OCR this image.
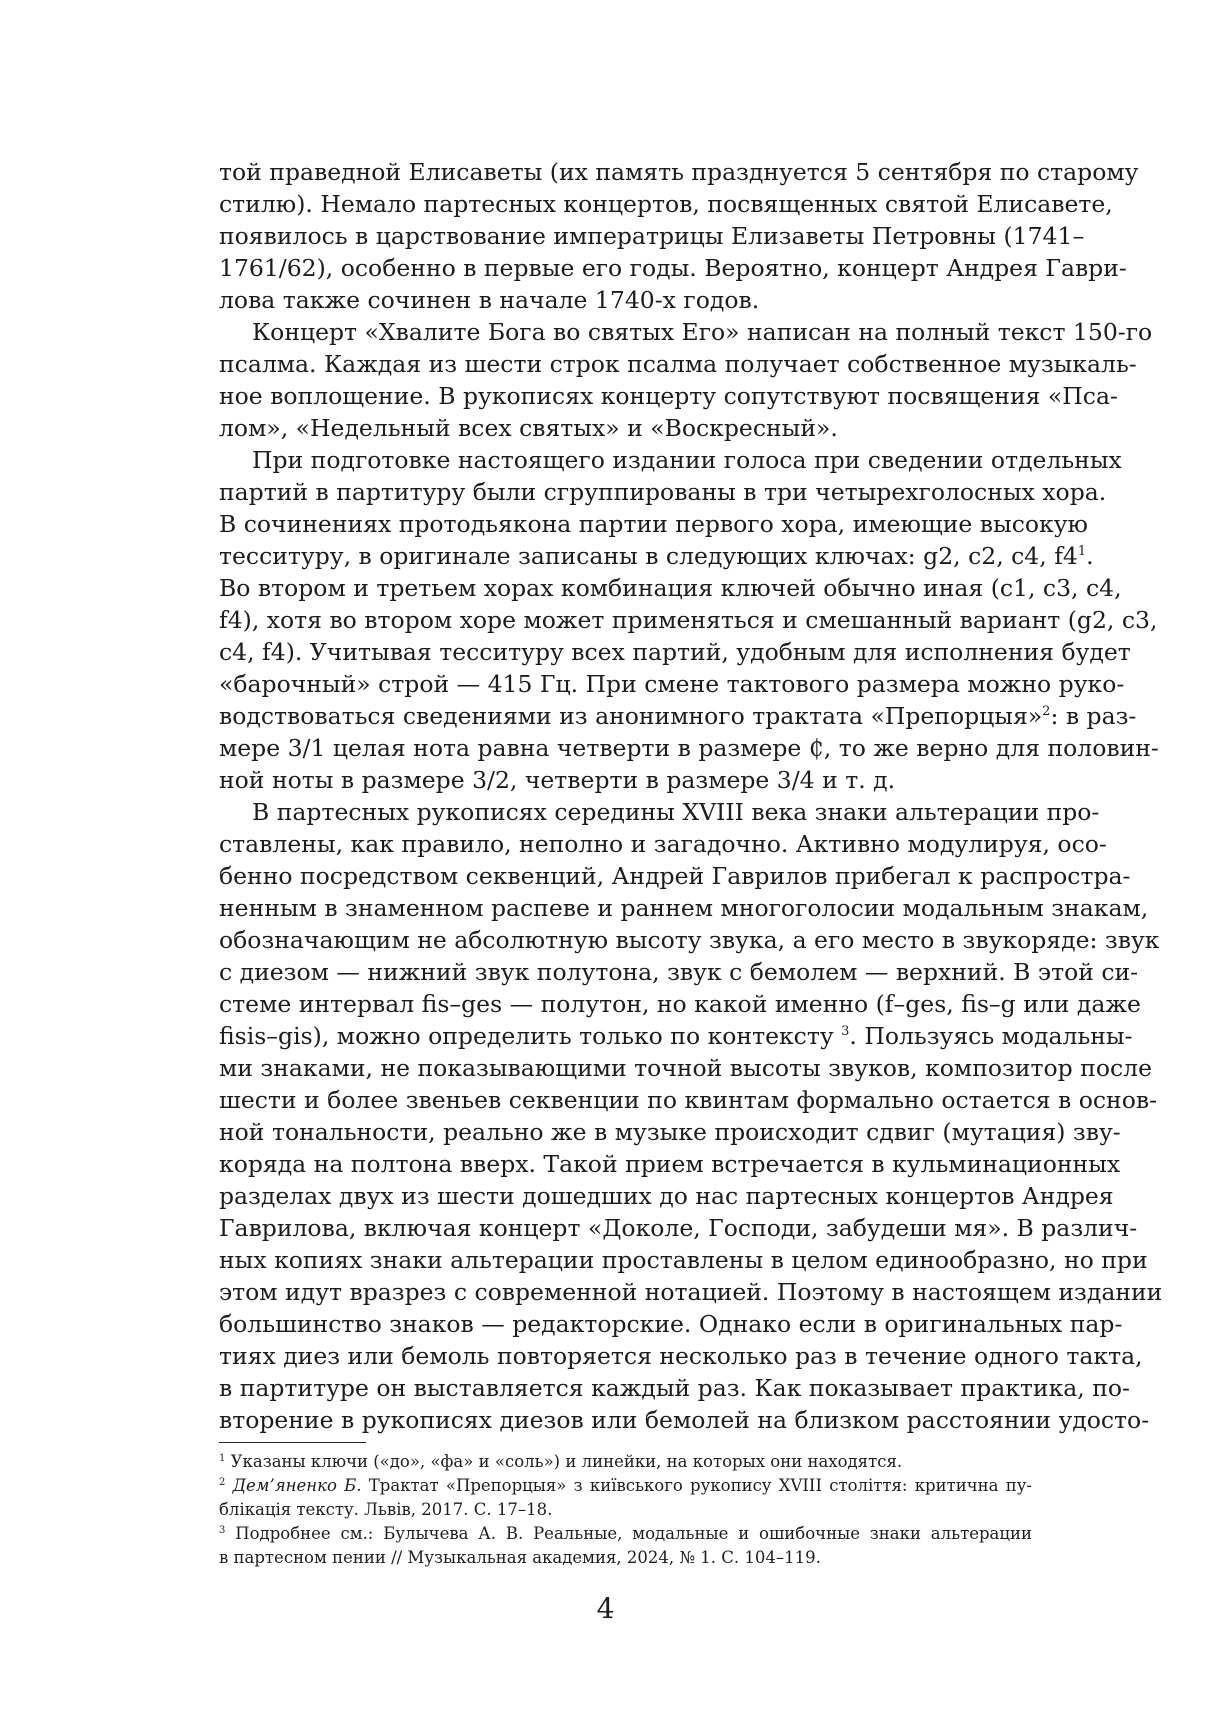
той праведной Елисаветы (их память празднуется 5 сентября по старому
стилю). Немало партесных концертов, посвященных святой Елисавете,
появилось в царствование императрицы Елизаветы Петровны (1741–
1761/62), особенно в первые его годы. Вероятно, концерт Андрея Гаври-
лова также сочинен в начале 1740-х годов.
Концерт «Хвалите Бога во святых Его» написан на полный текст 150-го
псалма. Каждая из шести строк псалма получает собственное музыкаль-
ное воплощение. В рукописях концерту сопутствуют посвящения «Пса-
лом», «Недельный всех святых» и «Воскресный».
При подготовке настоящего издании голоса при сведении отдельных
партий в партитуру были сгруппированы в три четырехголосных хора.
В сочинениях протодьякона партии первого хора, имеющие высокую
тесситуру, в оригинале записаны в следующих ключах: g2, c2, c4, $f4^1$.
Во втором и третьем хорах комбинация ключей обычно иная (c1, c3, c4,
f4), хотя во втором хоре может применяться и смешанный вариант (g2, c3,
c4, f4). Учитывая тесситуру всех партий, удобным для исполнения будет
«барочный» строй — 415 Гц. При смене тактового размера можно руко-
водствоваться сведениями из анонимного трактата «Препорцыя»$^2$: в раз-
мере 3/1 целая нота равна четверти в размере ₵, то же верно для половин-
ной ноты в размере 3/2, четверти в размере 3/4 и т. д.
В партесных рукописях середины XVIII века знаки альтерации про-
ставлены, как правило, неполно и загадочно. Активно модулируя, осо-
бенно посредством секвенций, Андрей Гаврилов прибегал к распростра-
ненным в знаменном распеве и раннем многоголосии модальным знакам,
обозначающим не абсолютную высоту звука, а его место в звукоряде: звук
с диезом — нижний звук полутона, звук с бемолем — верхний. В этой си-
стеме интервал fis–ges — полутон, но какой именно (f–ges, fis–g или даже
fisis–gis), можно определить только по контексту $^3$. Пользуясь модальны-
ми знаками, не показывающими точной высоты звуков, композитор после
шести и более звеньев секвенции по квинтам формально остается в основ-
ной тональности, реально же в музыке происходит сдвиг (мутация) зву-
коряда на полтона вверх. Такой прием встречается в кульминационных
разделах двух из шести дошедших до нас партесных концертов Андрея
Гаврилова, включая концерт «Доколе, Господи, забудеши мя». В различ-
ных копиях знаки альтерации проставлены в целом единообразно, но при
этом идут вразрез с современной нотацией. Поэтому в настоящем издании
большинство знаков — редакторские. Однако если в оригинальных пар-
тиях диез или бемоль повторяется несколько раз в течение одного такта,
в партитуре он выставляется каждый раз. Как показывает практика, по-
вторение в рукописях диезов или бемолей на близком расстоянии удосто-
$^1$ Указаны ключи («до», «фа» и «соль») и линейки, на которых они находятся.
$^2$ Дем’яненко Б. Трактат «Препорцыя» з київського рукопису XVIII століття: критична пу-
блікація тексту. Львів, 2017. С. 17–18.
$^3$ Подробнее см.: Булычева А. В. Реальные, модальные и ошибочные знаки альтерации
в партесном пении // Музыкальная академия, 2024, № 1. С. 104–119.
4
